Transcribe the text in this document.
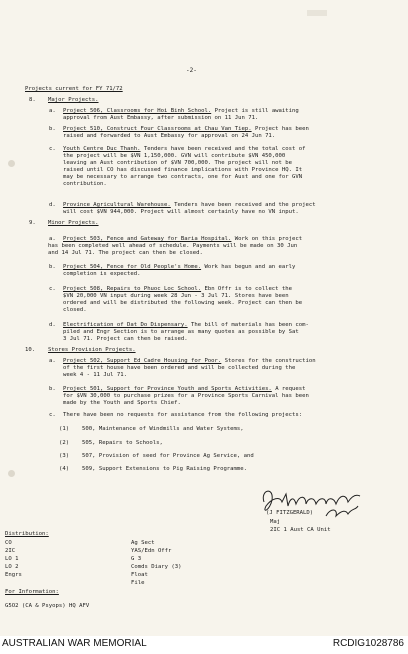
-2-
Projects current for FY 71/72
8. Major Projects.
a. Project 506, Classrooms for Hoi Binh School. Project is still awaiting
approval from Aust Embassy, after submission on 11 Jun 71.
b. Project 510, Construct Four Classrooms at Chau Van Tiep. Project has been
raised and forwarded to Aust Embassy for approval on 24 Jun 71.
c. Youth Centre Duc Thanh. Tenders have been received and the total cost of
the project will be $VN 1,150,000. GVN will contribute $VN 450,000
leaving an Aust contribution of $VN 700,000. The project will not be
raised until CO has discussed finance implications with Province HQ. It
may be necessary to arrange two contracts, one for Aust and one for GVN
contribution.
d. Province Agricultural Warehouse. Tenders have been received and the project
will cost $VN 944,000. Project will almost certainly have no VN input.
9. Minor Projects.
a. Project 503, Fence and Gateway for Baria Hospital. Work on this project
has been completed well ahead of schedule. Payments will be made on 30 Jun
and 14 Jul 71. The project can then be closed.
b. Project 504, Fence for Old People's Home. Work has begun and an early
completion is expected.
c. Project 508, Repairs to Phuoc Loc School. Ebn Offr is to collect the
$VN 20,000 VN input during week 28 Jun - 3 Jul 71. Stores have been
ordered and will be distributed the following week. Project can then be
closed.
d. Electrification of Dat Do Dispensary. The bill of materials has been com-
piled and Engr Section is to arrange as many quotes as possible by Sat
3 Jul 71. Project can then be raised.
10. Stores Provision Projects.
a. Project 502, Support Ed Cadre Housing for Poor. Stores for the construction
of the first house have been ordered and will be collected during the
week 4 - 11 Jul 71.
b. Project 501, Support for Province Youth and Sports Activities. A request
for $VN 30,000 to purchase prizes for a Province Sports Carnival has been
made by the Youth and Sports Chief.
c. There have been no requests for assistance from the following projects:
(1) 500, Maintenance of Windmills and Water Systems,
(2) 505, Repairs to Schools,
(3) 507, Provision of seed for Province Ag Service, and
(4) 509, Support Extensions to Pig Raising Programme.
(J FITZGERALD)
Maj
2IC 1 Aust CA Unit
Distribution:
CO
2IC
LO 1
LO 2
Engrs
Ag Sect
YAS/Edn Offr
G 3
Comds Diary (3)
Float
File
For Information:
G5O2 (CA & Psyops) HQ AFV
AUSTRALIAN WAR MEMORIAL	RCDIG1028786
